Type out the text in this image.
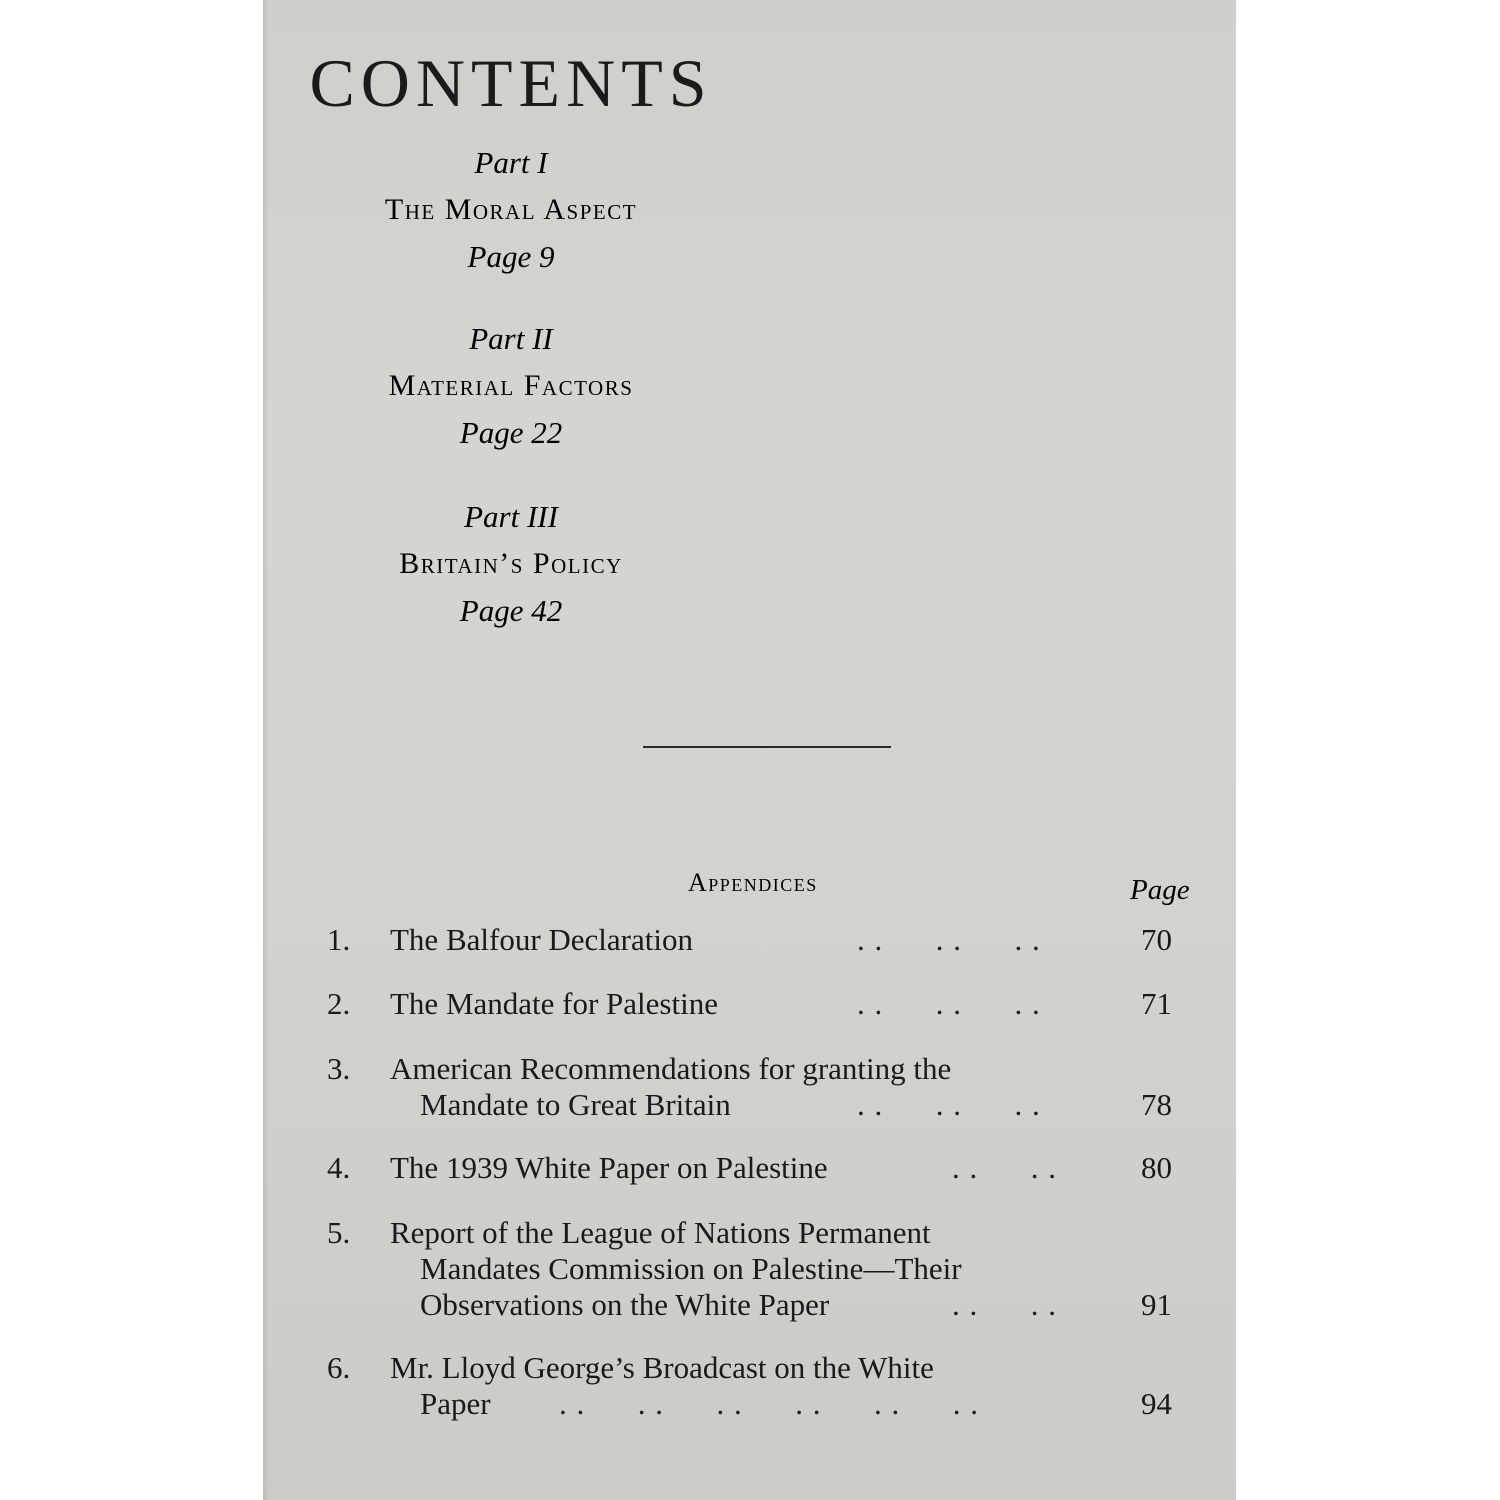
CONTENTS
Part I
The Moral Aspect
Page 9
Part II
Material Factors
Page 22
Part III
Britain’s Policy
Page 42
Appendices	Page
1.	The Balfour Declaration	. .      . .      . .	70
2.	The Mandate for Palestine	. .      . .      . .	71
3.	American Recommendations for granting the
Mandate to Great Britain	. .      . .      . .	78
4.	The 1939 White Paper on Palestine	. .      . .	80
5.	Report of the League of Nations Permanent
Mandates Commission on Palestine—Their
Observations on the White Paper	. .      . .	91
6.	Mr. Lloyd George’s Broadcast on the White
Paper . .      . .      . .      . .      . .      . .	94
